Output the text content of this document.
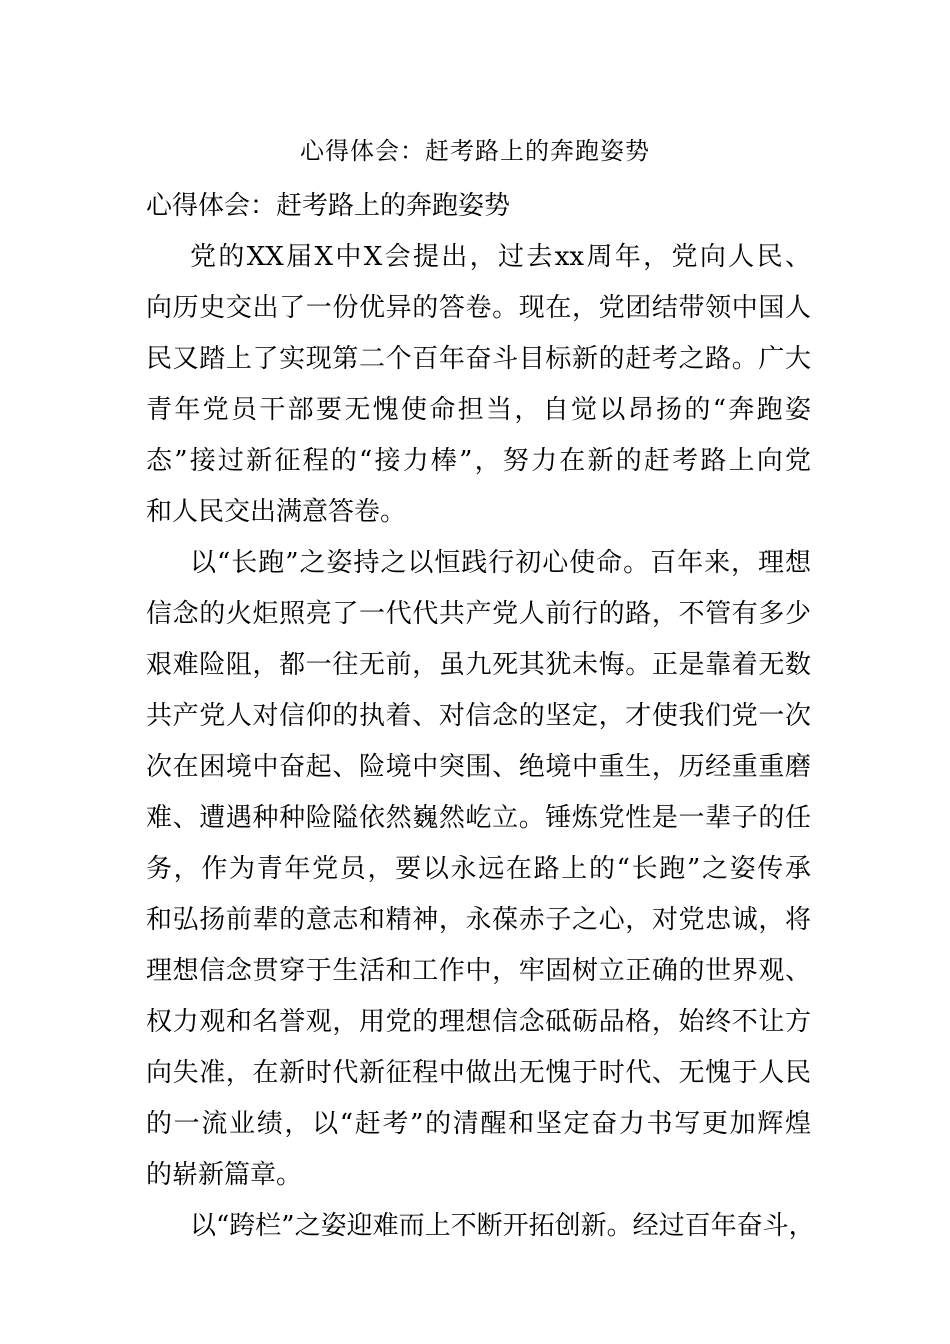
心得体会：赶考路上的奔跑姿势
心得体会：赶考路上的奔跑姿势
党的XX届X中X会提出，过去xx周年，党向人民、
向历史交出了一份优异的答卷。现在，党团结带领中国人
民又踏上了实现第二个百年奋斗目标新的赶考之路。广大
青年党员干部要无愧使命担当，自觉以昂扬的“奔跑姿
态”接过新征程的“接力棒”，努力在新的赶考路上向党
和人民交出满意答卷。
以“长跑”之姿持之以恒践行初心使命。百年来，理想
信念的火炬照亮了一代代共产党人前行的路，不管有多少
艰难险阻，都一往无前，虽九死其犹未悔。正是靠着无数
共产党人对信仰的执着、对信念的坚定，才使我们党一次
次在困境中奋起、险境中突围、绝境中重生，历经重重磨
难、遭遇种种险隘依然巍然屹立。锤炼党性是一辈子的任
务，作为青年党员，要以永远在路上的“长跑”之姿传承
和弘扬前辈的意志和精神，永葆赤子之心，对党忠诚，将
理想信念贯穿于生活和工作中，牢固树立正确的世界观、
权力观和名誉观，用党的理想信念砥砺品格，始终不让方
向失准，在新时代新征程中做出无愧于时代、无愧于人民
的一流业绩，以“赶考”的清醒和坚定奋力书写更加辉煌
的崭新篇章。
以“跨栏”之姿迎难而上不断开拓创新。经过百年奋斗，
